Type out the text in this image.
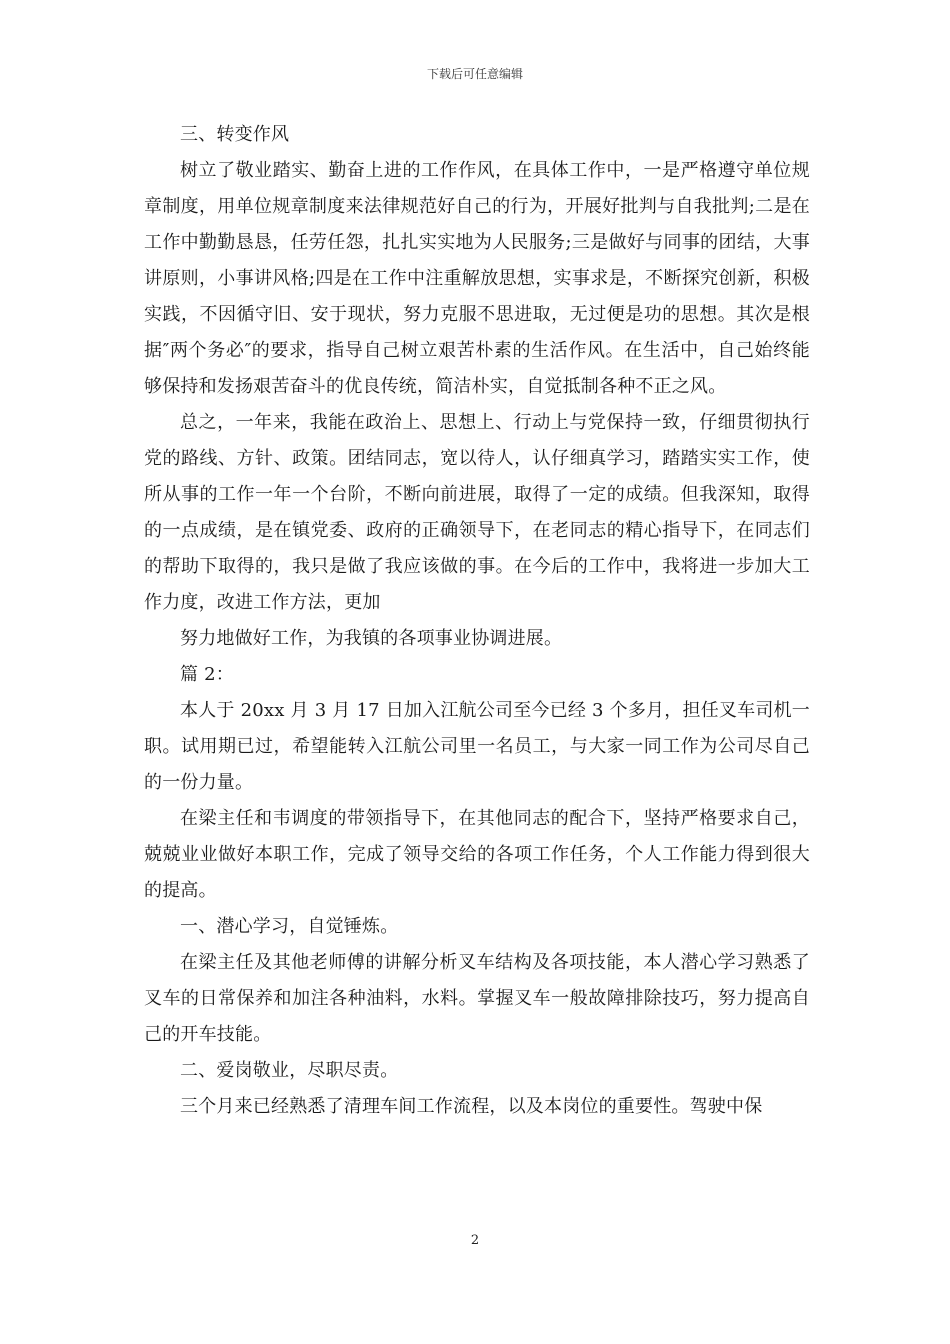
下载后可任意编辑

三、转变作风

树立了敬业踏实、勤奋上进的工作作风，在具体工作中，一是严格遵守单位规章制度，用单位规章制度来法律规范好自己的行为，开展好批判与自我批判;二是在工作中勤勤恳恳，任劳任怨，扎扎实实地为人民服务;三是做好与同事的团结，大事讲原则，小事讲风格;四是在工作中注重解放思想，实事求是，不断探究创新，积极实践，不因循守旧、安于现状，努力克服不思进取，无过便是功的思想。其次是根据″两个务必″的要求，指导自己树立艰苦朴素的生活作风。在生活中，自己始终能够保持和发扬艰苦奋斗的优良传统，简洁朴实，自觉抵制各种不正之风。

总之，一年来，我能在政治上、思想上、行动上与党保持一致，仔细贯彻执行党的路线、方针、政策。团结同志，宽以待人，认仔细真学习，踏踏实实工作，使所从事的工作一年一个台阶，不断向前进展，取得了一定的成绩。但我深知，取得的一点成绩，是在镇党委、政府的正确领导下，在老同志的精心指导下，在同志们的帮助下取得的，我只是做了我应该做的事。在今后的工作中，我将进一步加大工作力度，改进工作方法，更加

努力地做好工作，为我镇的各项事业协调进展。

篇 2：

本人于 20xx 月 3 月 17 日加入江航公司至今已经 3 个多月，担任叉车司机一职。试用期已过，希望能转入江航公司里一名员工，与大家一同工作为公司尽自己的一份力量。

在梁主任和韦调度的带领指导下，在其他同志的配合下，坚持严格要求自己，兢兢业业做好本职工作，完成了领导交给的各项工作任务，个人工作能力得到很大的提高。

一、潜心学习，自觉锤炼。

在梁主任及其他老师傅的讲解分析叉车结构及各项技能，本人潜心学习熟悉了叉车的日常保养和加注各种油料，水料。掌握叉车一般故障排除技巧，努力提高自己的开车技能。

二、爱岗敬业，尽职尽责。

三个月来已经熟悉了清理车间工作流程，以及本岗位的重要性。驾驶中保

2
